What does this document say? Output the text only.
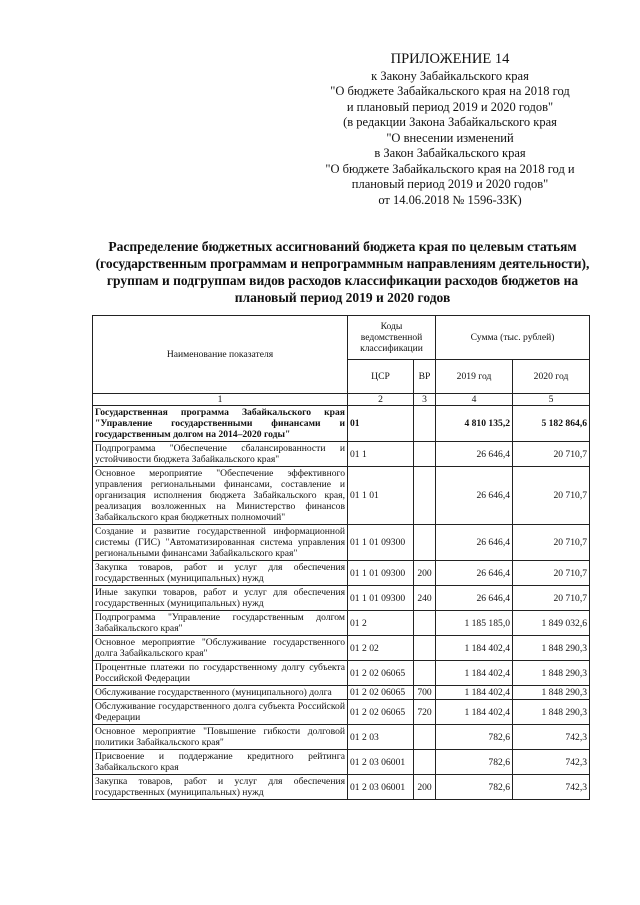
ПРИЛОЖЕНИЕ 14
к Закону Забайкальского края
"О бюджете Забайкальского края на 2018 год
и плановый период 2019 и 2020 годов"
(в редакции Закона Забайкальского края
"О внесении изменений
в Закон Забайкальского края
"О бюджете Забайкальского края на 2018 год и
плановый период 2019 и 2020 годов"
от 14.06.2018 № 1596-ЗЗК)
Распределение бюджетных ассигнований бюджета края по целевым статьям (государственным программам и непрограммным направлениям деятельности), группам и подгруппам видов расходов классификации расходов бюджетов на плановый период 2019 и 2020 годов
Наименование показателя	Коды ведомственной классификации		Сумма (тыс. рублей)	
	ЦСР	ВР	2019 год	2020 год
1	2	3	4	5
Государственная программа Забайкальского края "Управление государственными финансами и государственным долгом на 2014–2020 годы"	01		4 810 135,2	5 182 864,6
Подпрограмма "Обеспечение сбалансированности и устойчивости бюджета Забайкальского края"	01 1		26 646,4	20 710,7
Основное мероприятие "Обеспечение эффективного управления региональными финансами, составление и организация исполнения бюджета Забайкальского края, реализация возложенных на Министерство финансов Забайкальского края бюджетных полномочий"	01 1 01		26 646,4	20 710,7
Создание и развитие государственной информационной системы (ГИС) "Автоматизированная система управления региональными финансами Забайкальского края"	01 1 01 09300		26 646,4	20 710,7
Закупка товаров, работ и услуг для обеспечения государственных (муниципальных) нужд	01 1 01 09300	200	26 646,4	20 710,7
Иные закупки товаров, работ и услуг для обеспечения государственных (муниципальных) нужд	01 1 01 09300	240	26 646,4	20 710,7
Подпрограмма "Управление государственным долгом Забайкальского края"	01 2		1 185 185,0	1 849 032,6
Основное мероприятие "Обслуживание государственного долга Забайкальского края"	01 2 02		1 184 402,4	1 848 290,3
Процентные платежи по государственному долгу субъекта Российской Федерации	01 2 02 06065		1 184 402,4	1 848 290,3
Обслуживание государственного (муниципального) долга	01 2 02 06065	700	1 184 402,4	1 848 290,3
Обслуживание государственного долга субъекта Российской Федерации	01 2 02 06065	720	1 184 402,4	1 848 290,3
Основное мероприятие "Повышение гибкости долговой политики Забайкальского края"	01 2 03		782,6	742,3
Присвоение и поддержание кредитного рейтинга Забайкальского края	01 2 03 06001		782,6	742,3
Закупка товаров, работ и услуг для обеспечения государственных (муниципальных) нужд	01 2 03 06001	200	782,6	742,3
